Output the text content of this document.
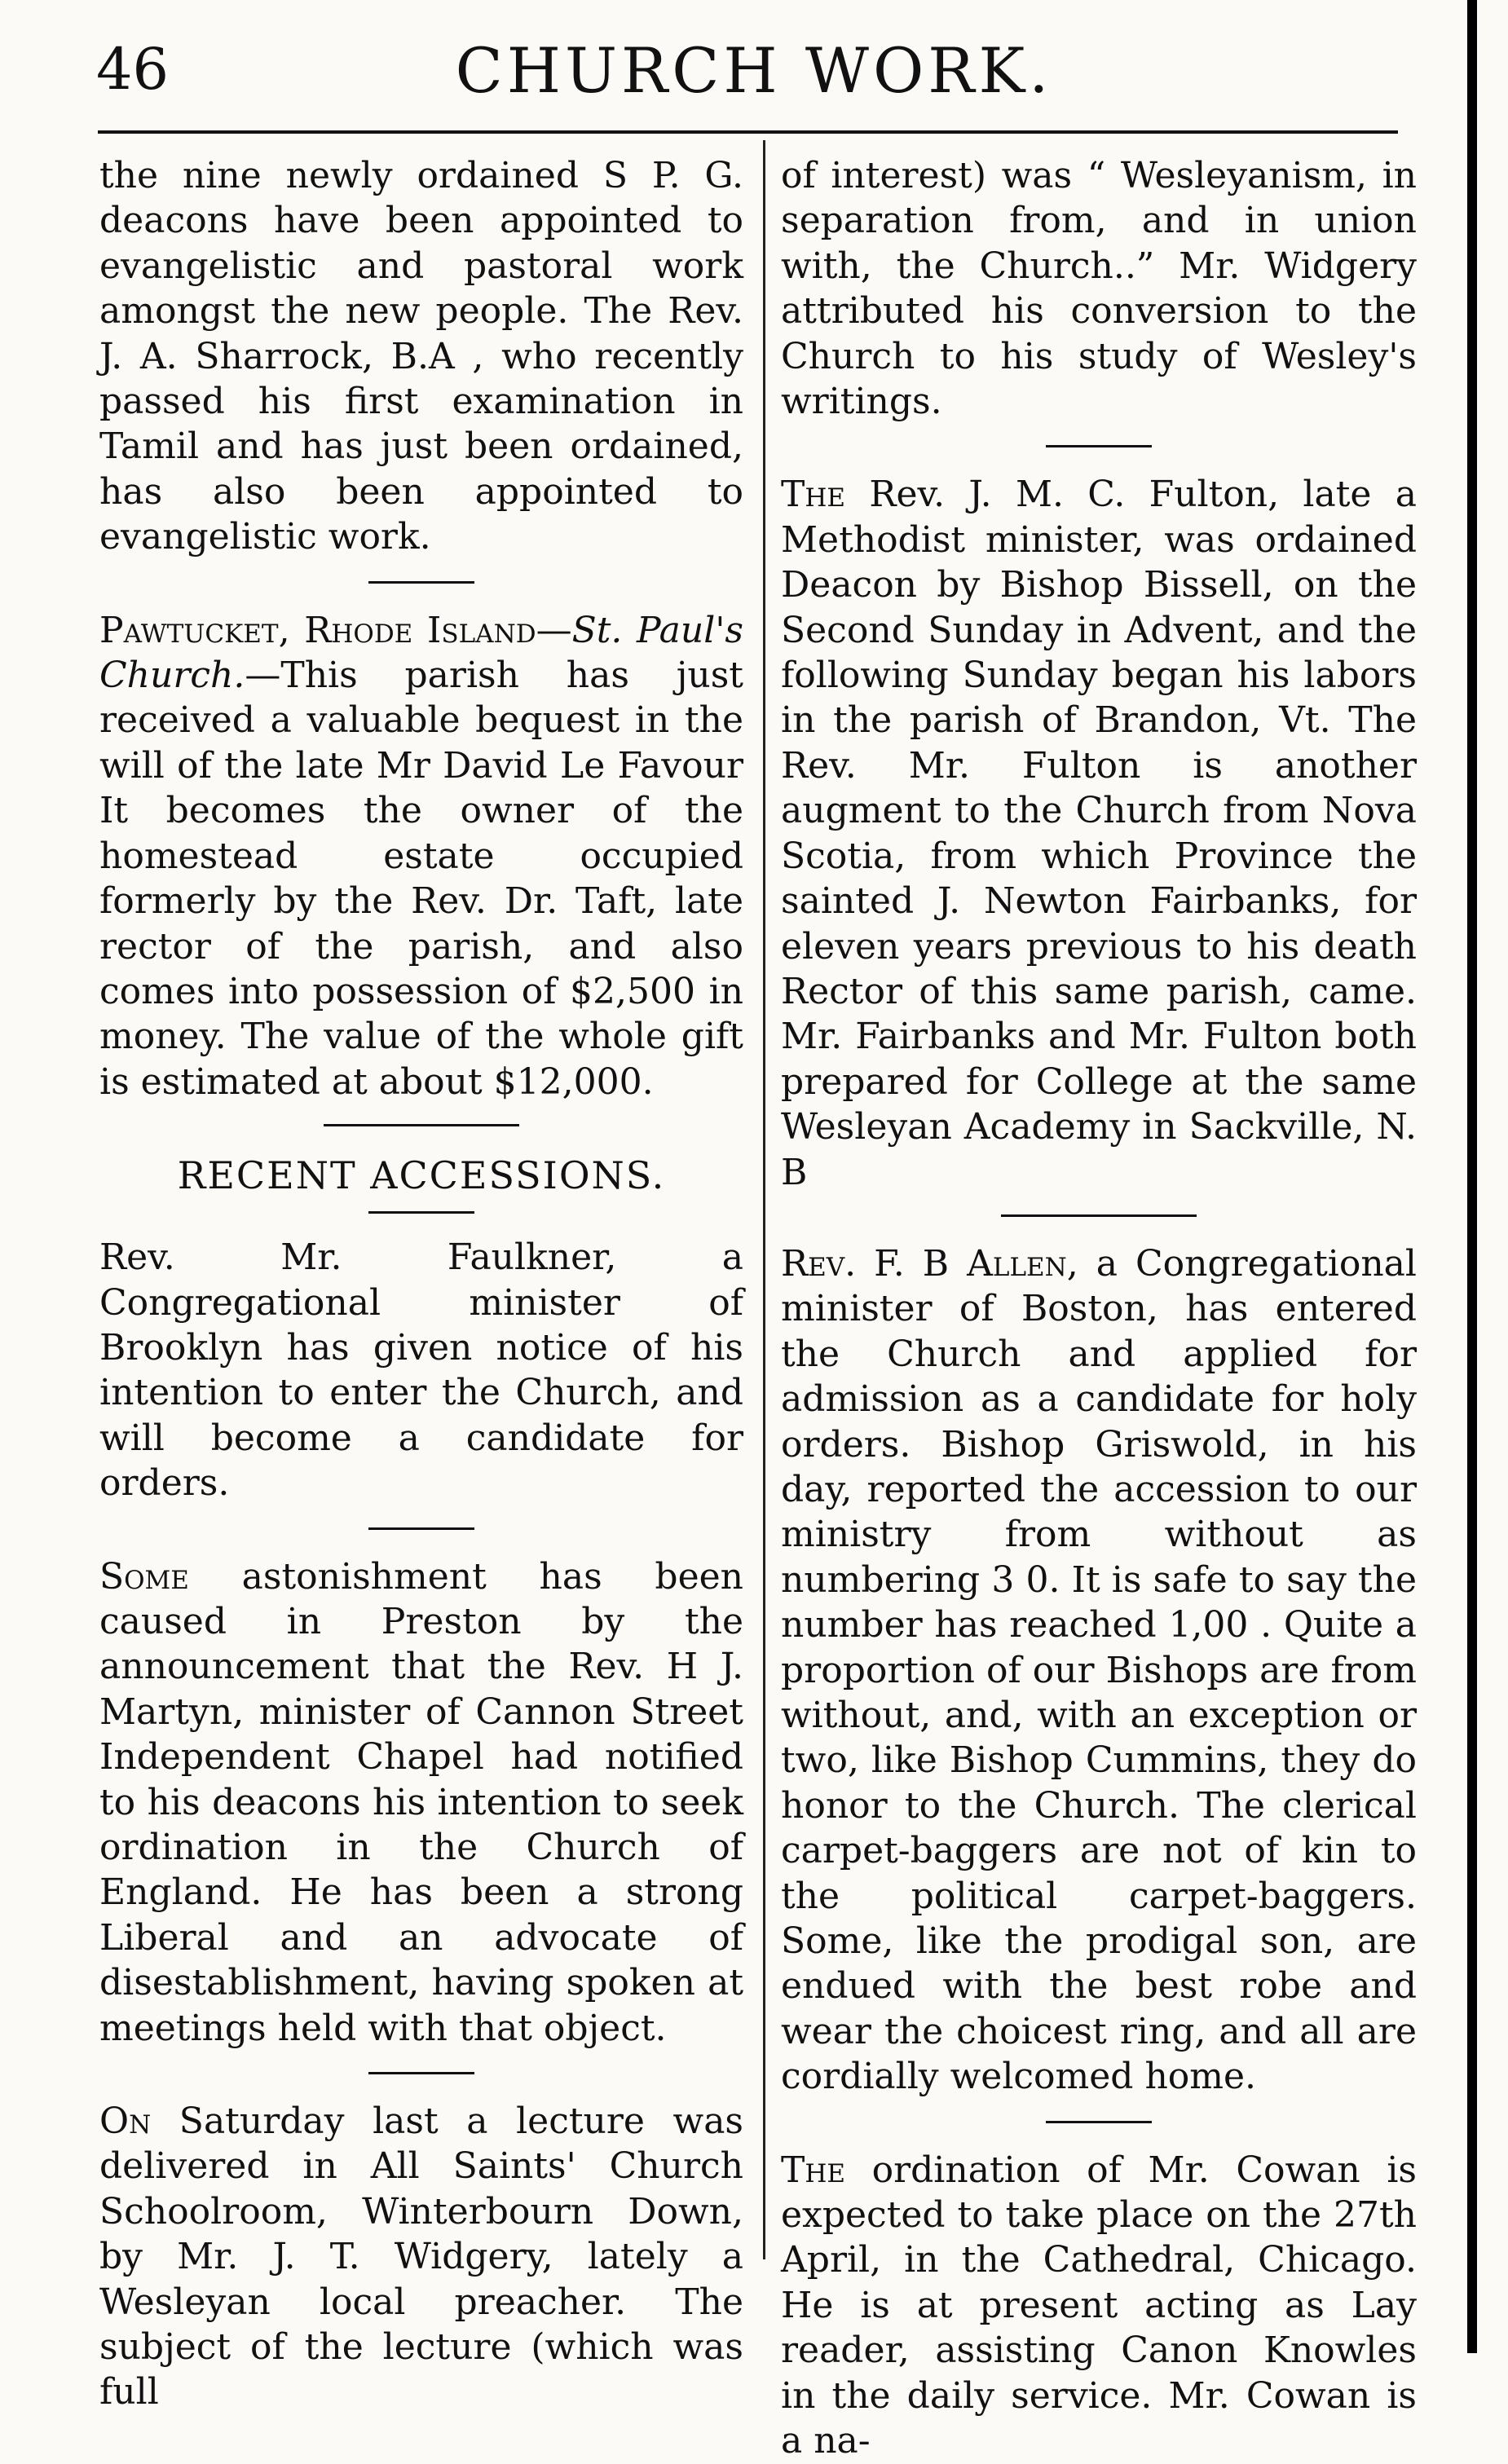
46	CHURCH WORK.

the nine newly ordained S P. G. deacons have been appointed to evangelistic and pastoral work amongst the new people. The Rev. J. A. Sharrock, B.A , who recently passed his first examination in Tamil and has just been ordained, has also been appointed to evangelistic work.

Pawtucket, Rhode Island—St. Paul's Church.—This parish has just received a valuable bequest in the will of the late Mr David Le Favour It becomes the owner of the homestead estate occupied formerly by the Rev. Dr. Taft, late rector of the parish, and also comes into possession of $2,500 in money. The value of the whole gift is estimated at about $12,000.

RECENT ACCESSIONS.

Rev. Mr. Faulkner, a Congregational minister of Brooklyn has given notice of his intention to enter the Church, and will become a candidate for orders.

Some astonishment has been caused in Preston by the announcement that the Rev. H J. Martyn, minister of Cannon Street Independent Chapel had notified to his deacons his intention to seek ordination in the Church of England. He has been a strong Liberal and an advocate of disestablishment, having spoken at meetings held with that object.

On Saturday last a lecture was delivered in All Saints' Church Schoolroom, Winterbourn Down, by Mr. J. T. Widgery, lately a Wesleyan local preacher. The subject of the lecture (which was full

of interest) was “ Wesleyanism, in separation from, and in union with, the Church..” Mr. Widgery attributed his conversion to the Church to his study of Wesley's writings.

The Rev. J. M. C. Fulton, late a Methodist minister, was ordained Deacon by Bishop Bissell, on the Second Sunday in Advent, and the following Sunday began his labors in the parish of Brandon, Vt. The Rev. Mr. Fulton is another augment to the Church from Nova Scotia, from which Province the sainted J. Newton Fairbanks, for eleven years previous to his death Rector of this same parish, came. Mr. Fairbanks and Mr. Fulton both prepared for College at the same Wesleyan Academy in Sackville, N. B

Rev. F. B Allen, a Congregational minister of Boston, has entered the Church and applied for admission as a candidate for holy orders. Bishop Griswold, in his day, reported the accession to our ministry from without as numbering 3 0. It is safe to say the number has reached 1,00 . Quite a proportion of our Bishops are from without, and, with an exception or two, like Bishop Cummins, they do honor to the Church. The clerical carpet-baggers are not of kin to the political carpet-baggers. Some, like the prodigal son, are endued with the best robe and wear the choicest ring, and all are cordially welcomed home.

The ordination of Mr. Cowan is expected to take place on the 27th April, in the Cathedral, Chicago. He is at present acting as Lay reader, assisting Canon Knowles in the daily service. Mr. Cowan is a na-
